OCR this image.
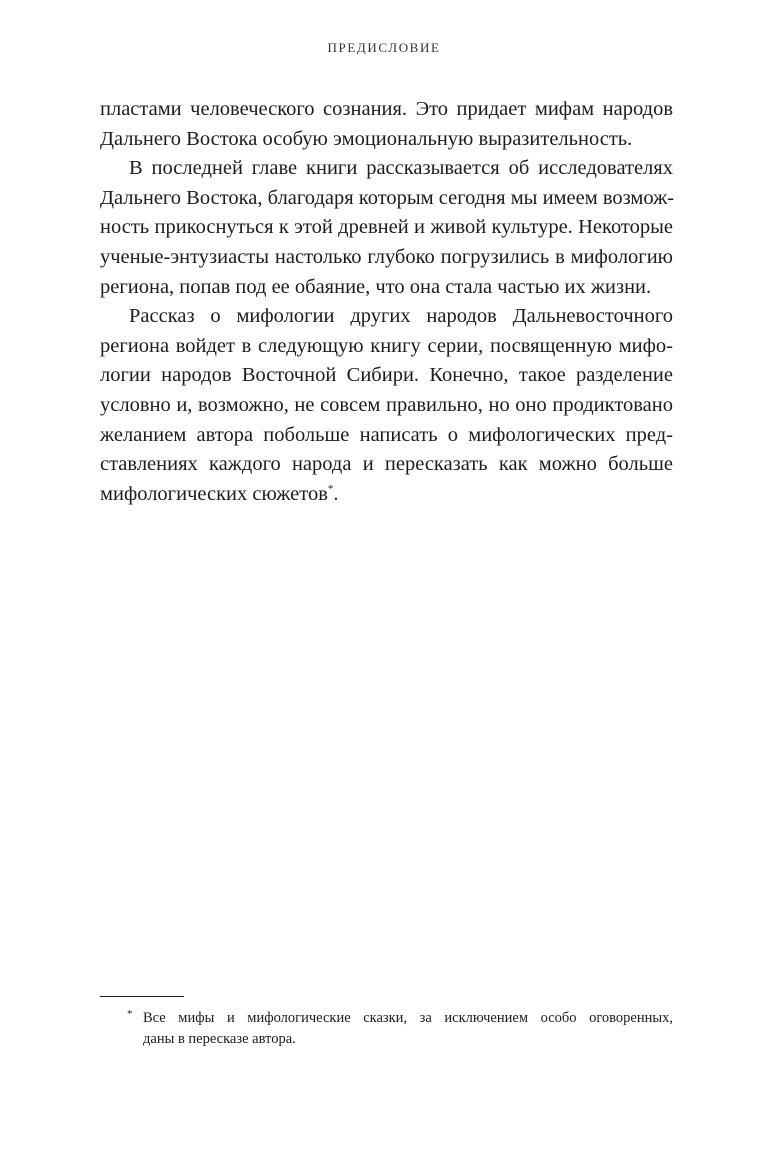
ПРЕДИСЛОВИЕ
пластами человеческого сознания. Это придает мифам народов
Дальнего Востока особую эмоциональную выразительность.
В последней главе книги рассказывается об исследователях
Дальнего Востока, благодаря которым сегодня мы имеем возмож-
ность прикоснуться к этой древней и живой культуре. Некоторые
ученые-энтузиасты настолько глубоко погрузились в мифологию
региона, попав под ее обаяние, что она стала частью их жизни.
Рассказ о мифологии других народов Дальневосточного
региона войдет в следующую книгу серии, посвященную мифо-
логии народов Восточной Сибири. Конечно, такое разделение
условно и, возможно, не совсем правильно, но оно продиктовано
желанием автора побольше написать о мифологических пред-
ставлениях каждого народа и пересказать как можно больше
мифологических сюжетов*.
* Все мифы и мифологические сказки, за исключением особо оговоренных,
даны в пересказе автора.
